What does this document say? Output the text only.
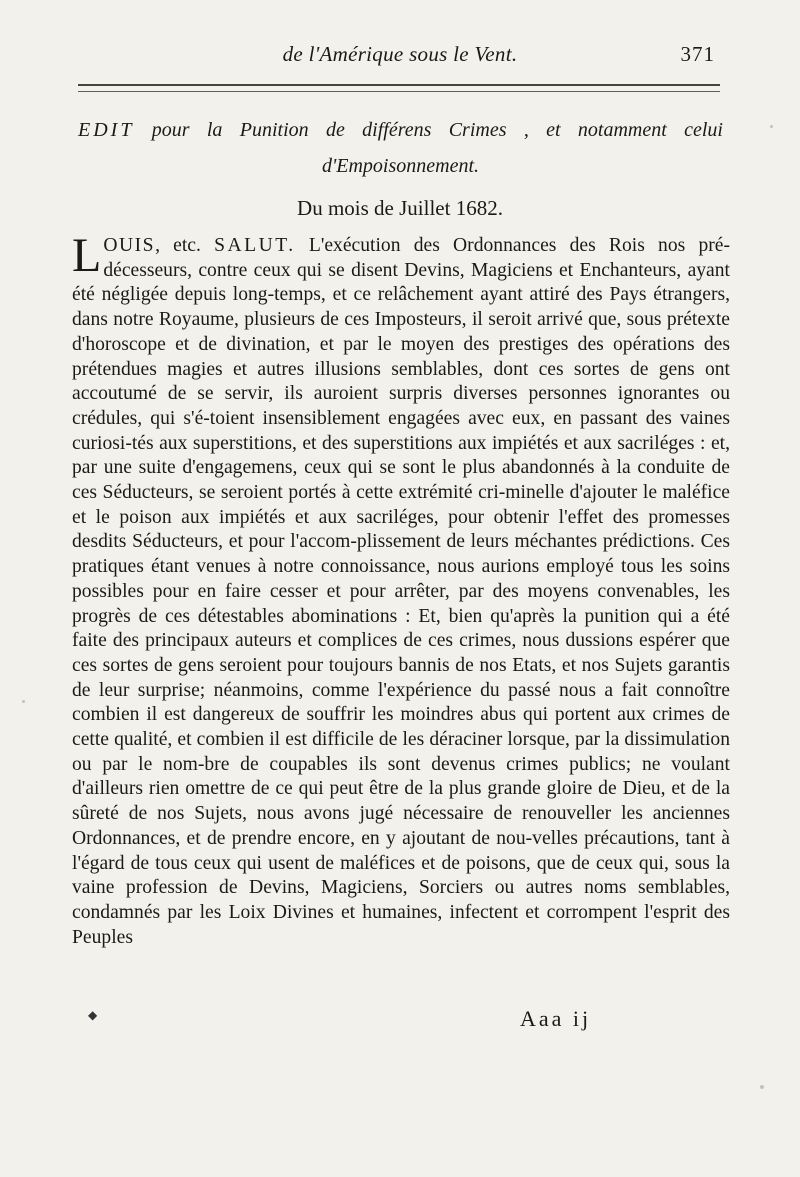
de l'Amérique sous le Vent.	371
EDIT pour la Punition de différens Crimes , et notamment celui
d'Empoisonnement.
Du mois de Juillet 1682.
LOUIS, etc. SALUT. L'exécution des Ordonnances des Rois nos pré-décesseurs, contre ceux qui se disent Devins, Magiciens et Enchanteurs, ayant été négligée depuis long-temps, et ce relâchement ayant attiré des Pays étrangers, dans notre Royaume, plusieurs de ces Imposteurs, il seroit arrivé que, sous prétexte d'horoscope et de divination, et par le moyen des prestiges des opérations des prétendues magies et autres illusions semblables, dont ces sortes de gens ont accoutumé de se servir, ils auroient surpris diverses personnes ignorantes ou crédules, qui s'é-toient insensiblement engagées avec eux, en passant des vaines curiosi-tés aux superstitions, et des superstitions aux impiétés et aux sacriléges : et, par une suite d'engagemens, ceux qui se sont le plus abandonnés à la conduite de ces Séducteurs, se seroient portés à cette extrémité cri-minelle d'ajouter le maléfice et le poison aux impiétés et aux sacriléges, pour obtenir l'effet des promesses desdits Séducteurs, et pour l'accom-plissement de leurs méchantes prédictions. Ces pratiques étant venues à notre connoissance, nous aurions employé tous les soins possibles pour en faire cesser et pour arrêter, par des moyens convenables, les progrès de ces détestables abominations : Et, bien qu'après la punition qui a été faite des principaux auteurs et complices de ces crimes, nous dussions espérer que ces sortes de gens seroient pour toujours bannis de nos Etats, et nos Sujets garantis de leur surprise; néanmoins, comme l'expérience du passé nous a fait connoître combien il est dangereux de souffrir les moindres abus qui portent aux crimes de cette qualité, et combien il est difficile de les déraciner lorsque, par la dissimulation ou par le nom-bre de coupables ils sont devenus crimes publics; ne voulant d'ailleurs rien omettre de ce qui peut être de la plus grande gloire de Dieu, et de la sûreté de nos Sujets, nous avons jugé nécessaire de renouveller les anciennes Ordonnances, et de prendre encore, en y ajoutant de nou-velles précautions, tant à l'égard de tous ceux qui usent de maléfices et de poisons, que de ceux qui, sous la vaine profession de Devins, Magiciens, Sorciers ou autres noms semblables, condamnés par les Loix Divines et humaines, infectent et corrompent l'esprit des Peuples
◆	Aaa ij
